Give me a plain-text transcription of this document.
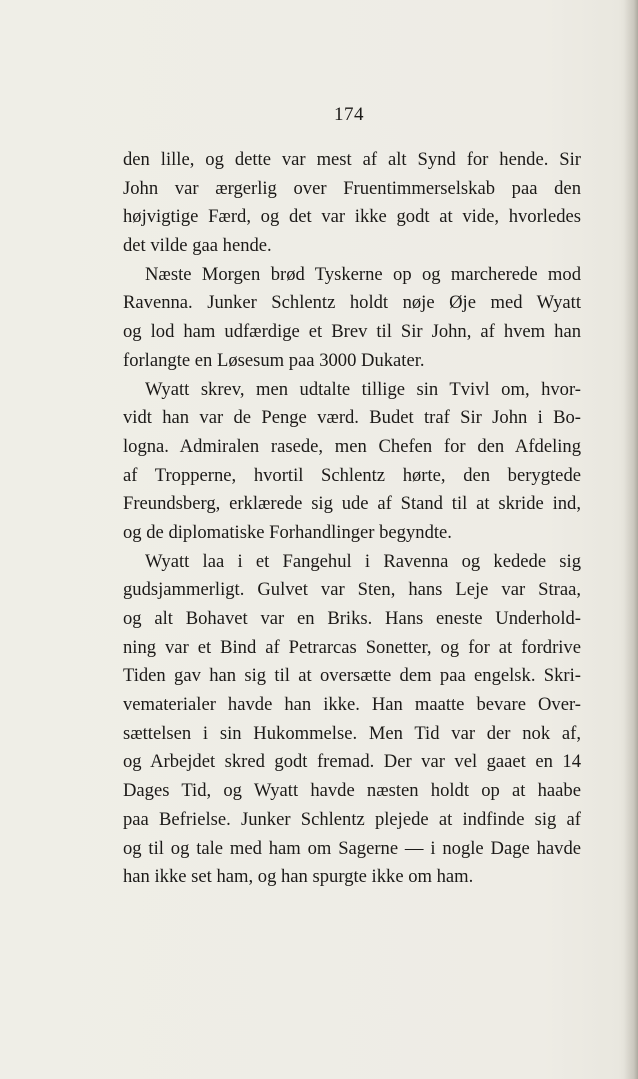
174
den lille, og dette var mest af alt Synd for hende. Sir
John var ærgerlig over Fruentimmerselskab paa den
højvigtige Færd, og det var ikke godt at vide, hvorledes
det vilde gaa hende.
Næste Morgen brød Tyskerne op og marcherede mod
Ravenna. Junker Schlentz holdt nøje Øje med Wyatt
og lod ham udfærdige et Brev til Sir John, af hvem han
forlangte en Løsesum paa 3000 Dukater.
Wyatt skrev, men udtalte tillige sin Tvivl om, hvor-
vidt han var de Penge værd. Budet traf Sir John i Bo-
logna. Admiralen rasede, men Chefen for den Afdeling
af Tropperne, hvortil Schlentz hørte, den berygtede
Freundsberg, erklærede sig ude af Stand til at skride ind,
og de diplomatiske Forhandlinger begyndte.
Wyatt laa i et Fangehul i Ravenna og kedede sig
gudsjammerligt. Gulvet var Sten, hans Leje var Straa,
og alt Bohavet var en Briks. Hans eneste Underhold-
ning var et Bind af Petrarcas Sonetter, og for at fordrive
Tiden gav han sig til at oversætte dem paa engelsk. Skri-
vematerialer havde han ikke. Han maatte bevare Over-
sættelsen i sin Hukommelse. Men Tid var der nok af,
og Arbejdet skred godt fremad. Der var vel gaaet en 14
Dages Tid, og Wyatt havde næsten holdt op at haabe
paa Befrielse. Junker Schlentz plejede at indfinde sig af
og til og tale med ham om Sagerne — i nogle Dage havde
han ikke set ham, og han spurgte ikke om ham.
